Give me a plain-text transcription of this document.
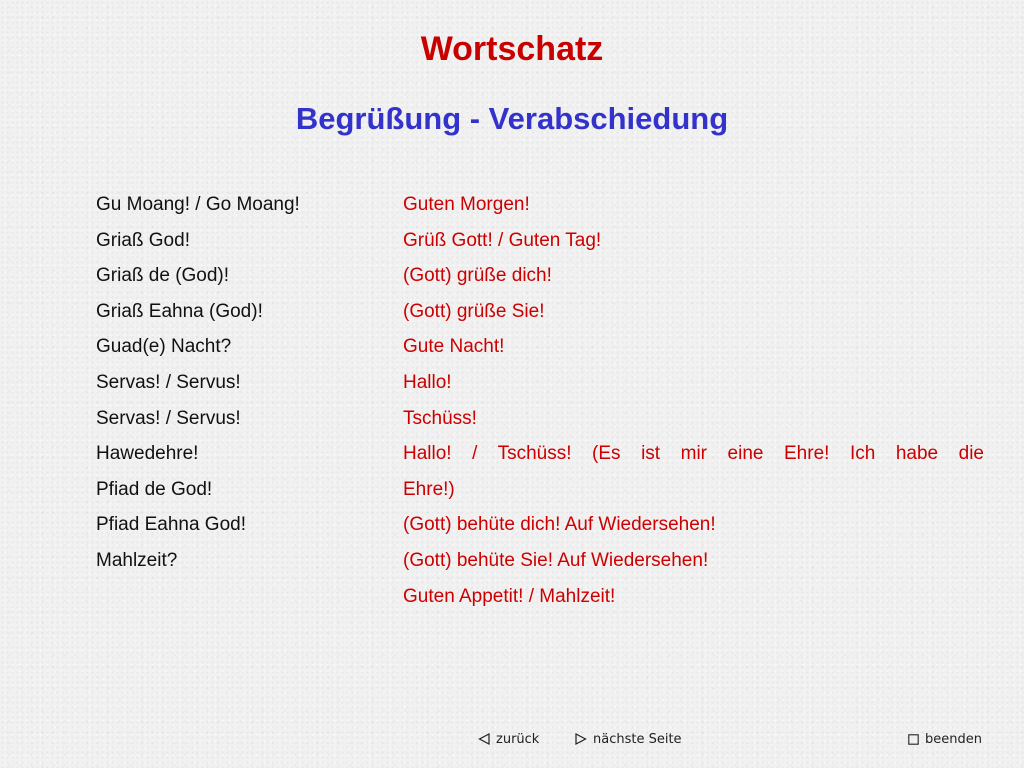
Wortschatz
Begrüßung - Verabschiedung
Gu Moang! / Go Moang!
Griaß God!
Griaß de (God)!
Griaß Eahna (God)!
Guad(e) Nacht?
Servas! / Servus!
Servas! / Servus!
Hawedehre!
Pfiad de God!
Pfiad Eahna God!
Mahlzeit?
Guten Morgen!
Grüß Gott! / Guten Tag!
(Gott) grüße dich!
(Gott) grüße Sie!
Gute Nacht!
Hallo!
Tschüss!
Hallo! / Tschüss! (Es ist mir eine Ehre! Ich habe die
Ehre!)
(Gott) behüte dich! Auf Wiedersehen!
(Gott) behüte Sie! Auf Wiedersehen!
Guten Appetit! / Mahlzeit!
zurück	nächste Seite	beenden
